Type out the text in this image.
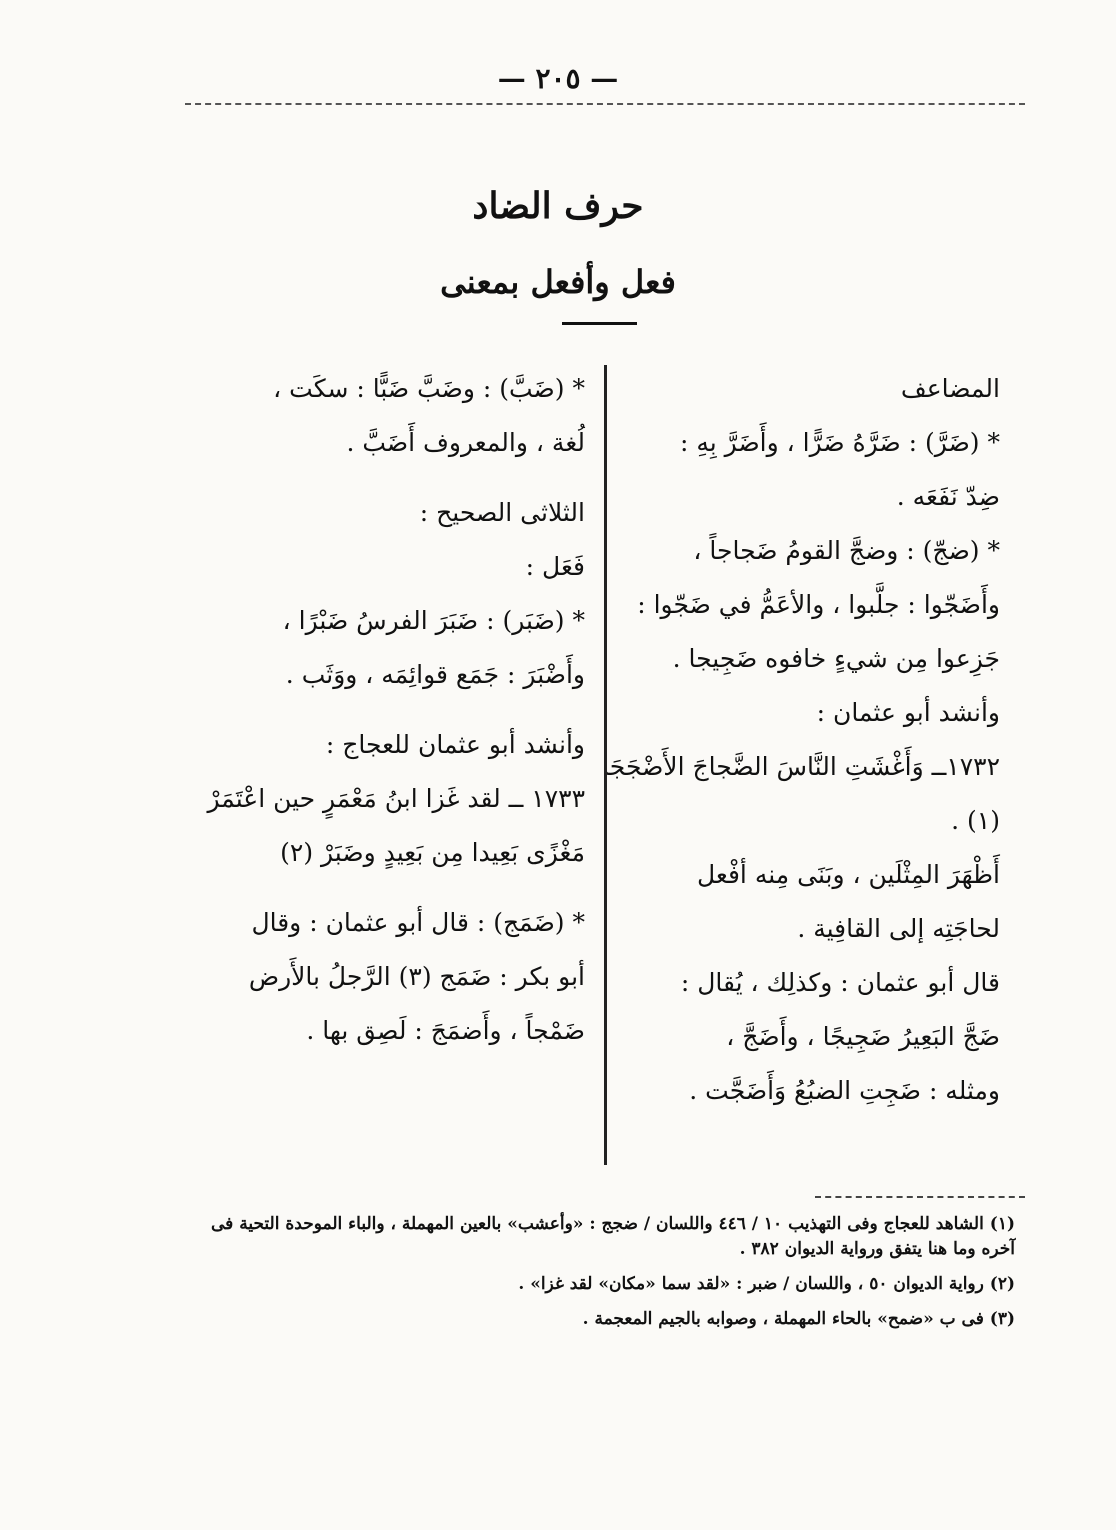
— ٢٠٥ —
حرف الضاد
فعل وأفعل بمعنى

المضاعف

* (ضَرَّ) : ضَرَّهُ ضَرًّا ، وأَضَرَّ بِهِ :

ضِدّ نَفَعَه .

* (ضجّ) : وضجَّ القومُ ضَجاجاً ،

وأَضَجّوا : جلَّبوا ، والأعَمُّ في ضَجّوا :

جَزِعوا مِن شيءٍ خافوه ضَجِيجا .

وأنشد أبو عثمان :

١٧٣٢ــ وَأَغْشَتِ النَّاسَ الضَّجاجَ الأَضْجَجَا (١) .

أَظْهَرَ المِثْلَين ، وبَنَى مِنه أفْعل

لحاجَتِه إلى القافِية .

قال أبو عثمان : وكذلِك ، يُقال :

ضَجَّ البَعِيرُ ضَجِيجًا ، وأَضَجَّ ،

ومثله : ضَجِتِ الضبُعُ وَأَضَجَّت .

* (ضَبَّ) : وضَبَّ ضَبًّا : سكَت ،

لُغة ، والمعروف أَضَبَّ .

الثلاثى الصحيح :

فَعَل :

* (ضَبَر) : ضَبَرَ الفرسُ ضَبْرًا ،

وأَضْبَرَ : جَمَع قوائِمَه ، ووَثَب .

وأنشد أبو عثمان للعجاج :

١٧٣٣ ــ لقد غَزا ابنُ مَعْمَرٍ حين اعْتَمَرْ

مَغْزًى بَعِيدا مِن بَعِيدٍ وضَبَرْ (٢)

* (ضَمَج) : قال أبو عثمان : وقال

أبو بكر : ضَمَج (٣) الرَّجلُ بالأَرض

ضَمْجاً ، وأَضمَجَ : لَصِق بها .

(١) الشاهد للعجاج وفى التهذيب ١٠ / ٤٤٦ واللسان / ضجج : «وأعشب» بالعين المهملة ، والباء الموحدة التحية فى آخره وما هنا يتفق ورواية الديوان ٣٨٢ .

(٢) رواية الديوان ٥٠ ، واللسان / ضبر : «لقد سما «مكان» لقد غزا» .

(٣) فى ب «ضمح» بالحاء المهملة ، وصوابه بالجيم المعجمة .
